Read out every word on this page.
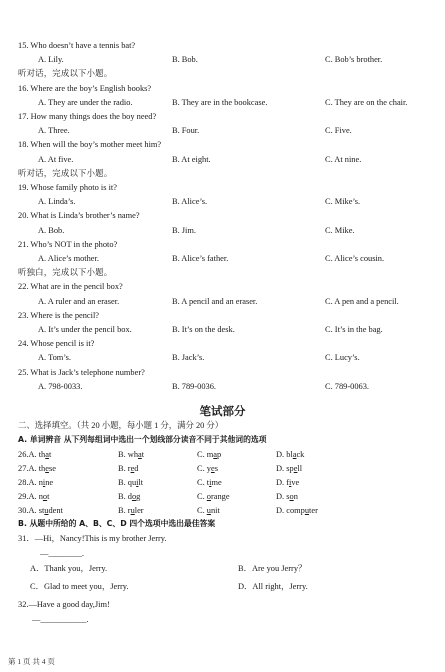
15. Who doesn’t have a tennis bat?
A. Lily.	B. Bob.	C. Bob’s brother.
听对话，完成以下小题。
16. Where are the boy’s English books?
A. They are under the radio.	B. They are in the bookcase.	C. They are on the chair.
17. How many things does the boy need?
A. Three.	B. Four.	C. Five.
18. When will the boy’s mother meet him?
A. At five.	B. At eight.	C. At nine.
听对话，完成以下小题。
19. Whose family photo is it?
A. Linda’s.	B. Alice’s.	C. Mike’s.
20. What is Linda’s brother’s name?
A. Bob.	B. Jim.	C. Mike.
21. Who’s NOT in the photo?
A. Alice’s mother.	B. Alice’s father.	C. Alice’s cousin.
听独白，完成以下小题。
22. What are in the pencil box?
A. A ruler and an eraser.	B. A pencil and an eraser.	C. A pen and a pencil.
23. Where is the pencil?
A. It’s under the pencil box.	B. It’s on the desk.	C. It’s in the bag.
24. Whose pencil is it?
A. Tom’s.	B. Jack’s.	C. Lucy’s.
25. What is Jack’s telephone number?
A. 798-0033.	B. 789-0036.	C. 789-0063.
笔试部分
二、选择填空。（共 20 小题，每小题 1 分，满分 20 分）
A. 单词辨音 从下列每组词中选出一个划线部分读音不同于其他词的选项
26.A. that	B. what	C. map	D. black
27.A. these	B. red	C. yes	D. spell
28.A. nine	B. quilt	C. time	D. five
29.A. not	B. dog	C. orange	D. son
30.A. student	B. ruler	C. unit	D. computer
B. 从题中所给的 A、B、C、D 四个选项中选出最佳答案
31．—Hi，Nancy!This is my brother Jerry.
—________.
A．Thank you，Jerry.	B．Are you Jerry？
C．Glad to meet you，Jerry.	D．All right，Jerry.
32.—Have a good day,Jim!
—___________.
第 1 页 共 4 页
